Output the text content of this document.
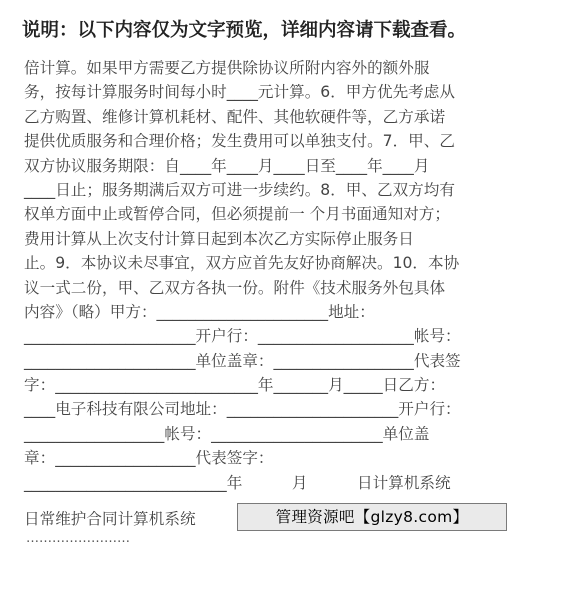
说明：以下内容仅为文字预览，详细内容请下载查看。
倍计算。如果甲方需要乙方提供除协议所附内容外的额外服
务，按每计算服务时间每小时____元计算。6．甲方优先考虑从
乙方购置、维修计算机耗材、配件、其他软硬件等，乙方承诺
提供优质服务和合理价格；发生费用可以单独支付。7．甲、乙
双方协议服务期限：自____年____月____日至____年____月
____日止；服务期满后双方可进一步续约。8．甲、乙双方均有
权单方面中止或暂停合同，但必须提前一 个月书面通知对方；
费用计算从上次支付计算日起到本次乙方实际停止服务日
止。9．本协议未尽事宜，双方应首先友好协商解决。10．本协
议一式二份，甲、乙双方各执一份。附件《技术服务外包具体
内容》（略）甲方：______________________地址：
______________________开户行：____________________帐号：
______________________单位盖章：__________________代表签
字：__________________________年_______月_____日乙方：
____电子科技有限公司地址：______________________开户行：
__________________帐号：______________________单位盖
章：__________________代表签字：
__________________________年          月          日计算机系统
日常维护合同计算机系统	管理资源吧【glzy8.com】
……………………
